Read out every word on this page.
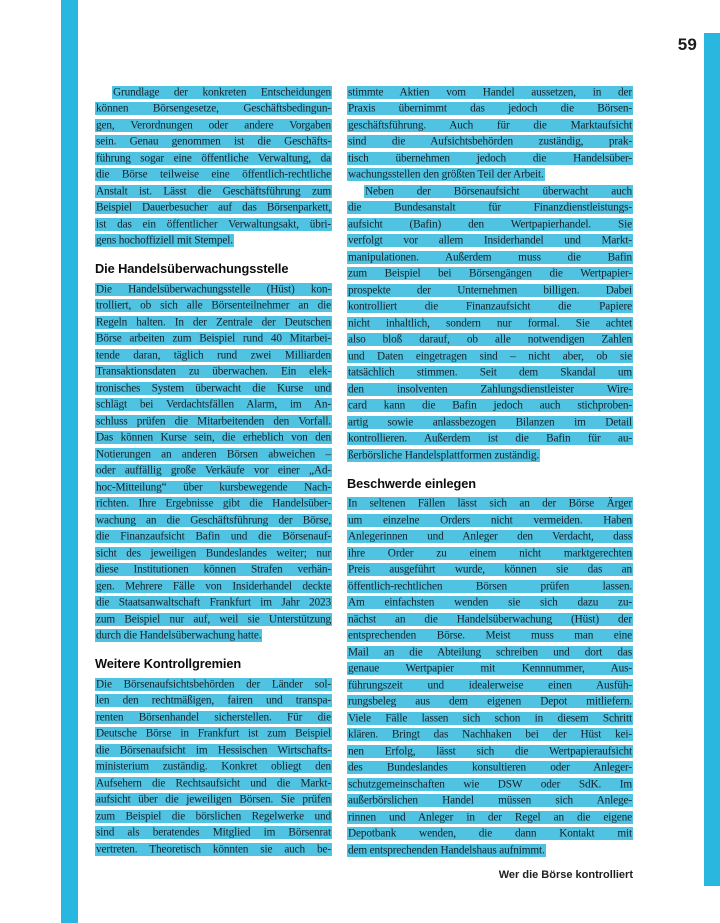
59
Grundlage der konkreten Entscheidungen
können Börsengesetze, Geschäftsbedingun-
gen, Verordnungen oder andere Vorgaben
sein. Genau genommen ist die Geschäfts-
führung sogar eine öffentliche Verwaltung, da
die Börse teilweise eine öffentlich-rechtliche
Anstalt ist. Lässt die Geschäftsführung zum
Beispiel Dauerbesucher auf das Börsenparkett,
ist das ein öffentlicher Verwaltungsakt, übri-
gens hochoffiziell mit Stempel.
Die Handelsüberwachungsstelle
Die Handelsüberwachungsstelle (Hüst) kon-
trolliert, ob sich alle Börsenteilnehmer an die
Regeln halten. In der Zentrale der Deutschen
Börse arbeiten zum Beispiel rund 40 Mitarbei-
tende daran, täglich rund zwei Milliarden
Transaktionsdaten zu überwachen. Ein elek-
tronisches System überwacht die Kurse und
schlägt bei Verdachtsfällen Alarm, im An-
schluss prüfen die Mitarbeitenden den Vorfall.
Das können Kurse sein, die erheblich von den
Notierungen an anderen Börsen abweichen –
oder auffällig große Verkäufe vor einer „Ad-
hoc-Mitteilung“ über kursbewegende Nach-
richten. Ihre Ergebnisse gibt die Handelsüber-
wachung an die Geschäftsführung der Börse,
die Finanzaufsicht Bafin und die Börsenauf-
sicht des jeweiligen Bundeslandes weiter; nur
diese Institutionen können Strafen verhän-
gen. Mehrere Fälle von Insiderhandel deckte
die Staatsanwaltschaft Frankfurt im Jahr 2023
zum Beispiel nur auf, weil sie Unterstützung
durch die Handelsüberwachung hatte.
Weitere Kontrollgremien
Die Börsenaufsichtsbehörden der Länder sol-
len den rechtmäßigen, fairen und transpa-
renten Börsenhandel sicherstellen. Für die
Deutsche Börse in Frankfurt ist zum Beispiel
die Börsenaufsicht im Hessischen Wirtschafts-
ministerium zuständig. Konkret obliegt den
Aufsehern die Rechtsaufsicht und die Markt-
aufsicht über die jeweiligen Börsen. Sie prüfen
zum Beispiel die börslichen Regelwerke und
sind als beratendes Mitglied im Börsenrat
vertreten. Theoretisch könnten sie auch be-
stimmte Aktien vom Handel aussetzen, in der
Praxis übernimmt das jedoch die Börsen-
geschäftsführung. Auch für die Marktaufsicht
sind die Aufsichtsbehörden zuständig, prak-
tisch übernehmen jedoch die Handelsüber-
wachungsstellen den größten Teil der Arbeit.
Neben der Börsenaufsicht überwacht auch
die Bundesanstalt für Finanzdienstleistungs-
aufsicht (Bafin) den Wertpapierhandel. Sie
verfolgt vor allem Insiderhandel und Markt-
manipulationen. Außerdem muss die Bafin
zum Beispiel bei Börsengängen die Wertpapier-
prospekte der Unternehmen billigen. Dabei
kontrolliert die Finanzaufsicht die Papiere
nicht inhaltlich, sondern nur formal. Sie achtet
also bloß darauf, ob alle notwendigen Zahlen
und Daten eingetragen sind – nicht aber, ob sie
tatsächlich stimmen. Seit dem Skandal um
den insolventen Zahlungsdienstleister Wire-
card kann die Bafin jedoch auch stichproben-
artig sowie anlassbezogen Bilanzen im Detail
kontrollieren. Außerdem ist die Bafin für au-
ßerbörsliche Handelsplattformen zuständig.
Beschwerde einlegen
In seltenen Fällen lässt sich an der Börse Ärger
um einzelne Orders nicht vermeiden. Haben
Anlegerinnen und Anleger den Verdacht, dass
ihre Order zu einem nicht marktgerechten
Preis ausgeführt wurde, können sie das an
öffentlich-rechtlichen Börsen prüfen lassen.
Am einfachsten wenden sie sich dazu zu-
nächst an die Handelsüberwachung (Hüst) der
entsprechenden Börse. Meist muss man eine
Mail an die Abteilung schreiben und dort das
genaue Wertpapier mit Kennnummer, Aus-
führungszeit und idealerweise einen Ausfüh-
rungsbeleg aus dem eigenen Depot mitliefern.
Viele Fälle lassen sich schon in diesem Schritt
klären. Bringt das Nachhaken bei der Hüst kei-
nen Erfolg, lässt sich die Wertpapieraufsicht
des Bundeslandes konsultieren oder Anleger-
schutzgemeinschaften wie DSW oder SdK. Im
außerbörslichen Handel müssen sich Anlege-
rinnen und Anleger in der Regel an die eigene
Depotbank wenden, die dann Kontakt mit
dem entsprechenden Handelshaus aufnimmt.
Wer die Börse kontrolliert
